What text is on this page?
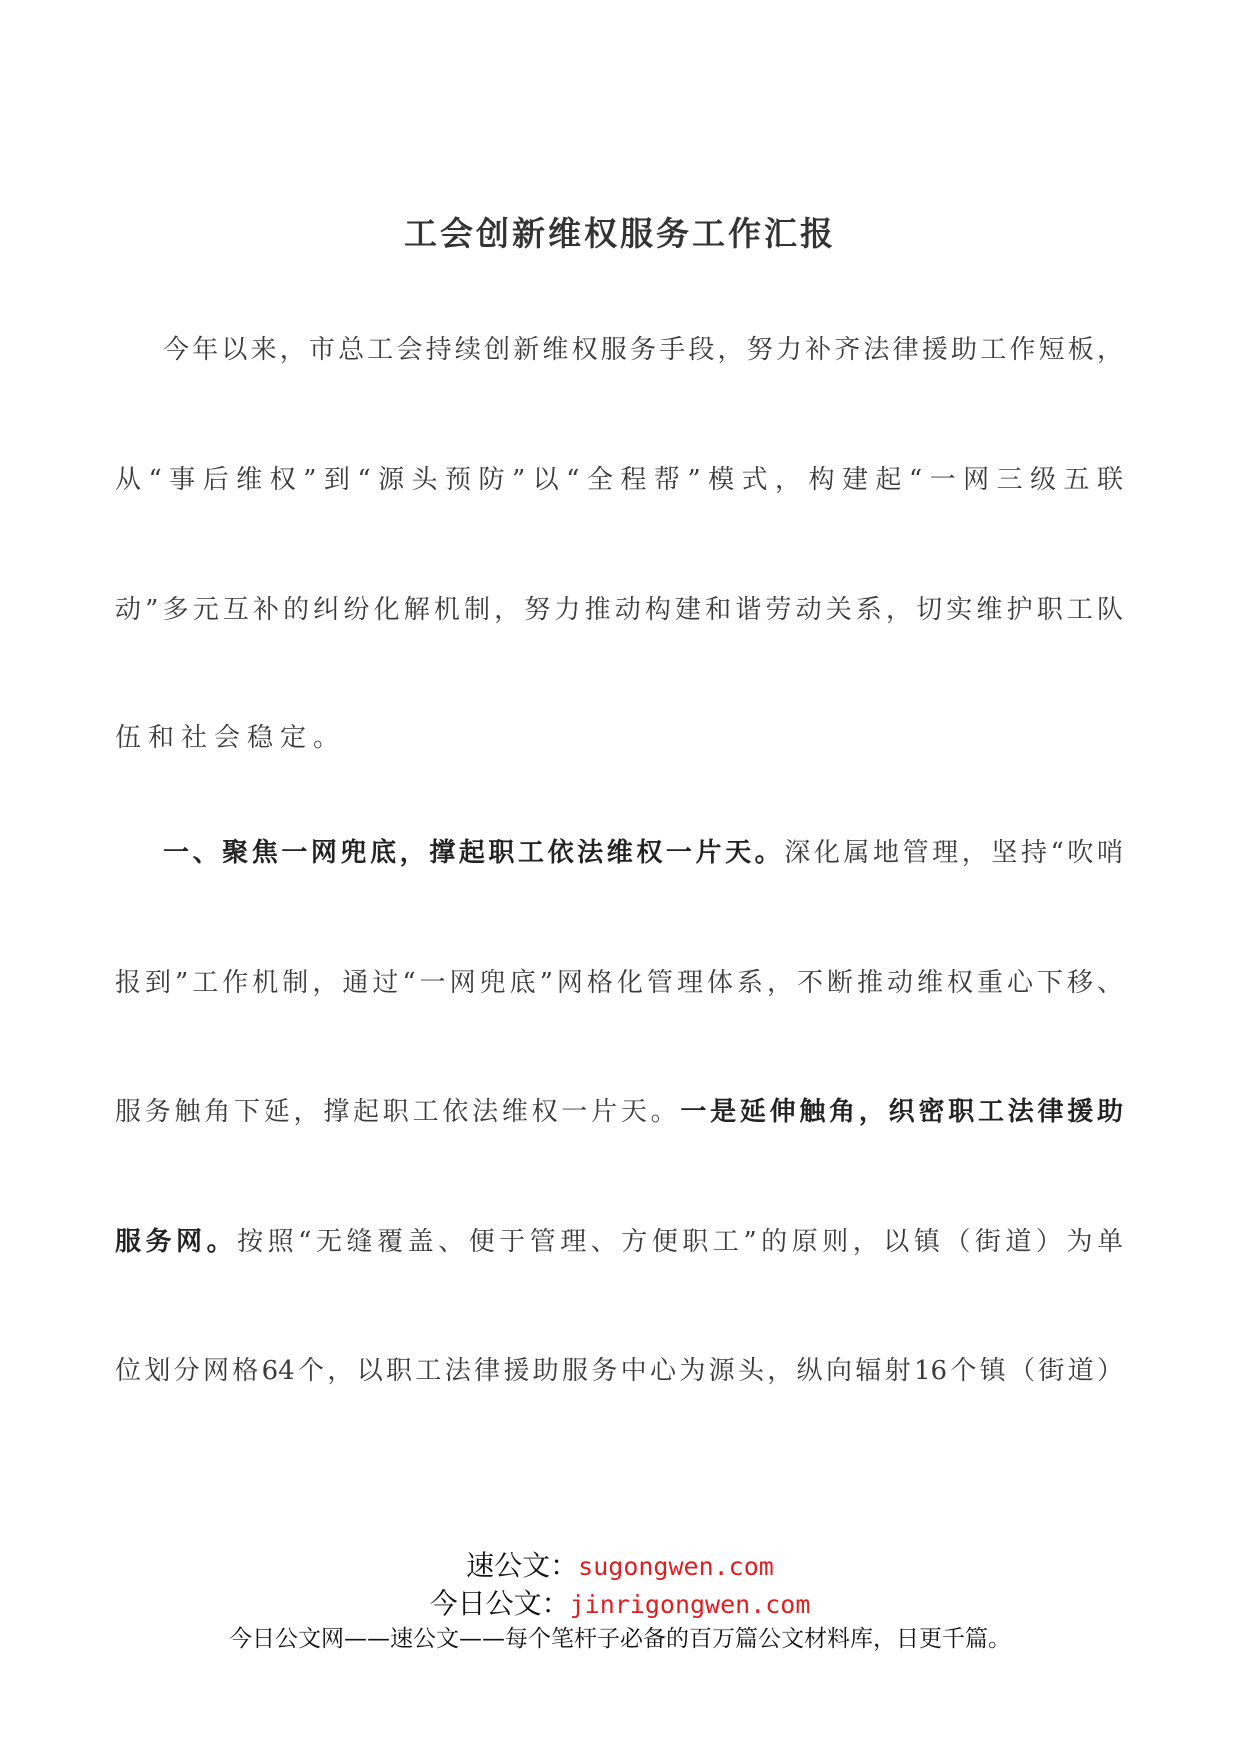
工会创新维权服务工作汇报
今年以来，市总工会持续创新维权服务手段，努力补齐法律援助工作短板，
从“事后维权”到“源头预防”以“全程帮”模式，构建起“一网三级五联
动”多元互补的纠纷化解机制，努力推动构建和谐劳动关系，切实维护职工队
伍和社会稳定。
一、聚焦一网兜底，撑起职工依法维权一片天。深化属地管理，坚持“吹哨
报到”工作机制，通过“一网兜底”网格化管理体系，不断推动维权重心下移、
服务触角下延，撑起职工依法维权一片天。一是延伸触角，织密职工法律援助
服务网。按照“无缝覆盖、便于管理、方便职工”的原则，以镇（街道）为单
位划分网格64个，以职工法律援助服务中心为源头，纵向辐射16个镇（街道）
速公文：sugongwen.com
今日公文：jinrigongwen.com
今日公文网——速公文——每个笔杆子必备的百万篇公文材料库，日更千篇。
